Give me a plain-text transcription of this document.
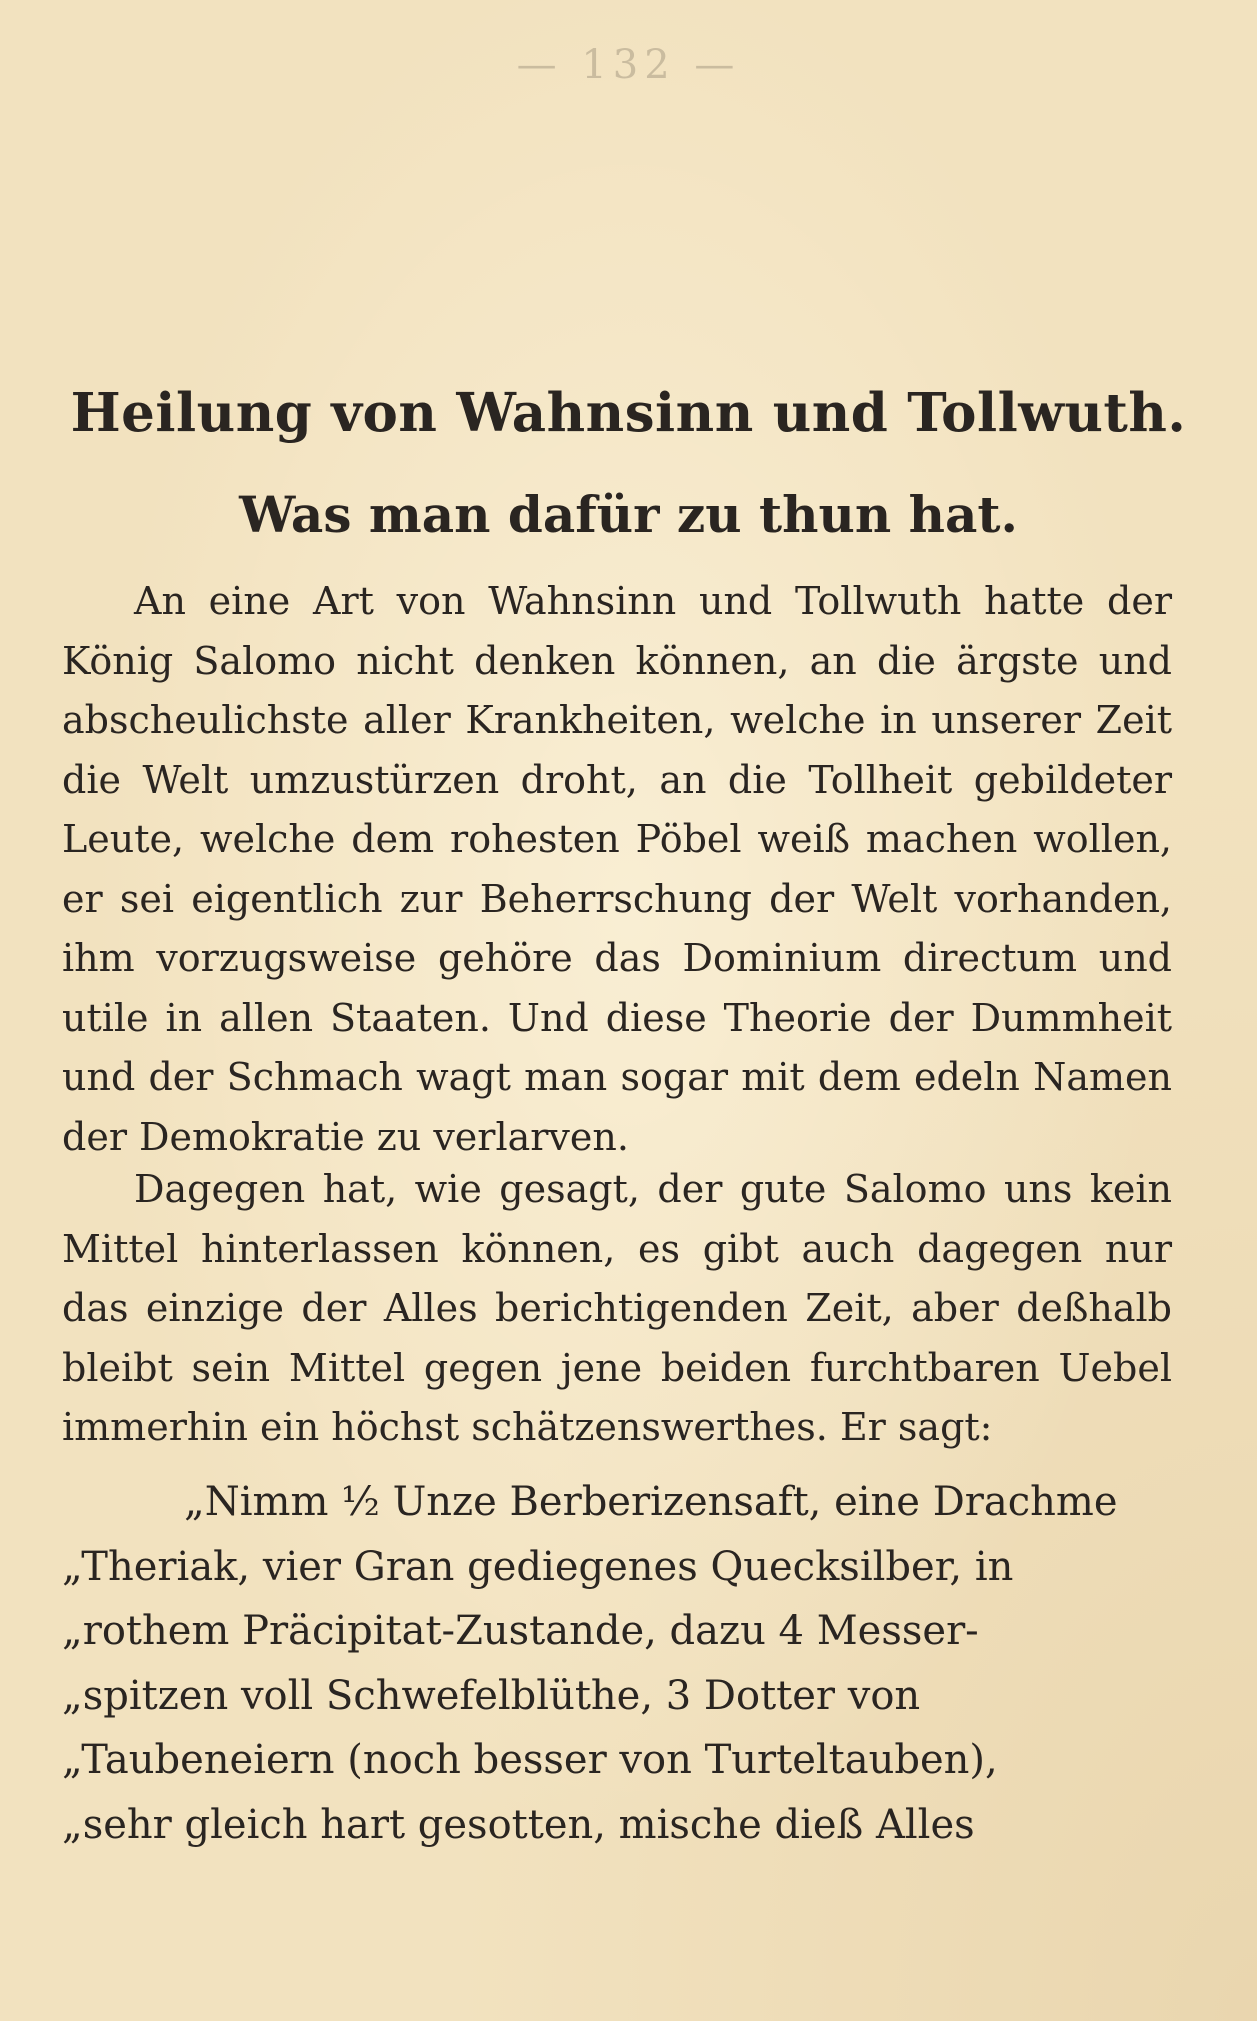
— 132 —

Heilung von Wahnsinn und Tollwuth.
Was man dafür zu thun hat.
An eine Art von Wahnsinn und Tollwuth hatte der König Salomo nicht denken können, an die ärgste und abscheulichste aller Krankheiten, welche in unserer Zeit die Welt umzustürzen droht, an die Tollheit gebildeter Leute, welche dem rohesten Pöbel weiß machen wollen, er sei eigentlich zur Beherrschung der Welt vorhanden, ihm vorzugsweise gehöre das Dominium directum und utile in allen Staaten. Und diese Theorie der Dummheit und der Schmach wagt man sogar mit dem edeln Namen der Demokratie zu verlarven.
Dagegen hat, wie gesagt, der gute Salomo uns kein Mittel hinterlassen können, es gibt auch dagegen nur das einzige der Alles berichtigenden Zeit, aber deßhalb bleibt sein Mittel gegen jene beiden furchtbaren Uebel immerhin ein höchst schätzenswerthes. Er sagt:
„Nimm ½ Unze Berberizensaft, eine Drachme
„Theriak, vier Gran gediegenes Quecksilber, in
„rothem Präcipitat-Zustande, dazu 4 Messer-
„spitzen voll Schwefelblüthe, 3 Dotter von
„Taubeneiern (noch besser von Turteltauben),
„sehr gleich hart gesotten, mische dieß Alles
